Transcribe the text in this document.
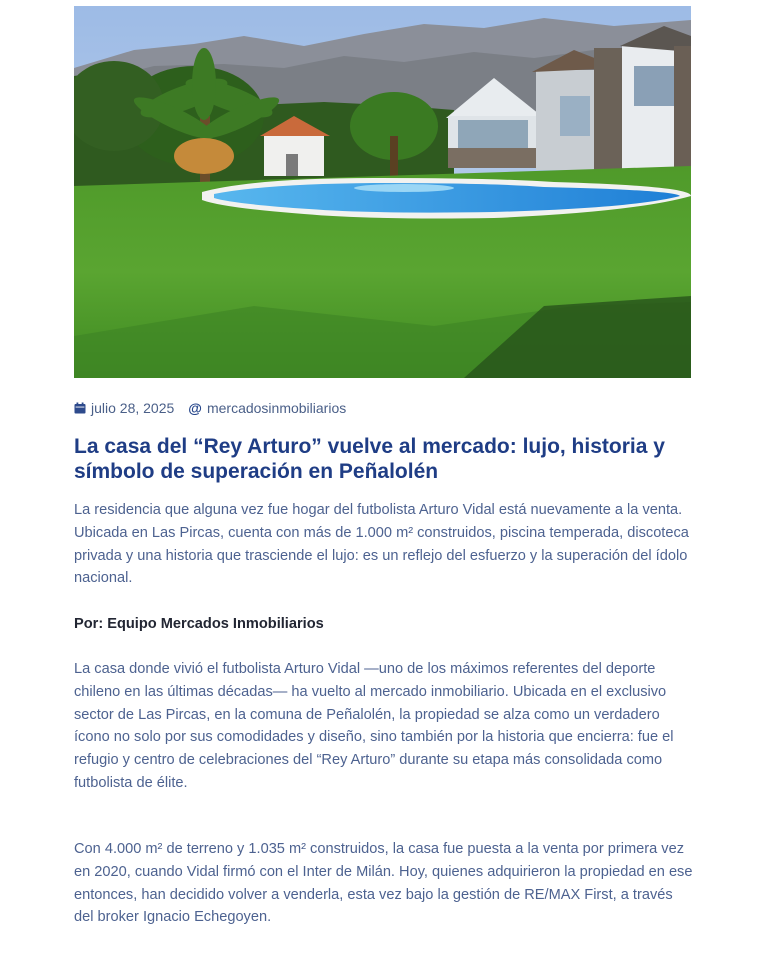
julio 28, 2025 @ mercadosinmobiliarios
La casa del “Rey Arturo” vuelve al mercado: lujo, historia y símbolo de superación en Peñalolén

La residencia que alguna vez fue hogar del futbolista Arturo Vidal está nuevamente a la venta. Ubicada en Las Pircas, cuenta con más de 1.000 m² construidos, piscina temperada, discoteca privada y una historia que trasciende el lujo: es un reflejo del esfuerzo y la superación del ídolo nacional.

Por: Equipo Mercados Inmobiliarios

La casa donde vivió el futbolista Arturo Vidal —uno de los máximos referentes del deporte chileno en las últimas décadas— ha vuelto al mercado inmobiliario. Ubicada en el exclusivo sector de Las Pircas, en la comuna de Peñalolén, la propiedad se alza como un verdadero ícono no solo por sus comodidades y diseño, sino también por la historia que encierra: fue el refugio y centro de celebraciones del “Rey Arturo” durante su etapa más consolidada como futbolista de élite.

Con 4.000 m² de terreno y 1.035 m² construidos, la casa fue puesta a la venta por primera vez en 2020, cuando Vidal firmó con el Inter de Milán. Hoy, quienes adquirieron la propiedad en ese entonces, han decidido volver a venderla, esta vez bajo la gestión de RE/MAX First, a través del broker Ignacio Echegoyen.
